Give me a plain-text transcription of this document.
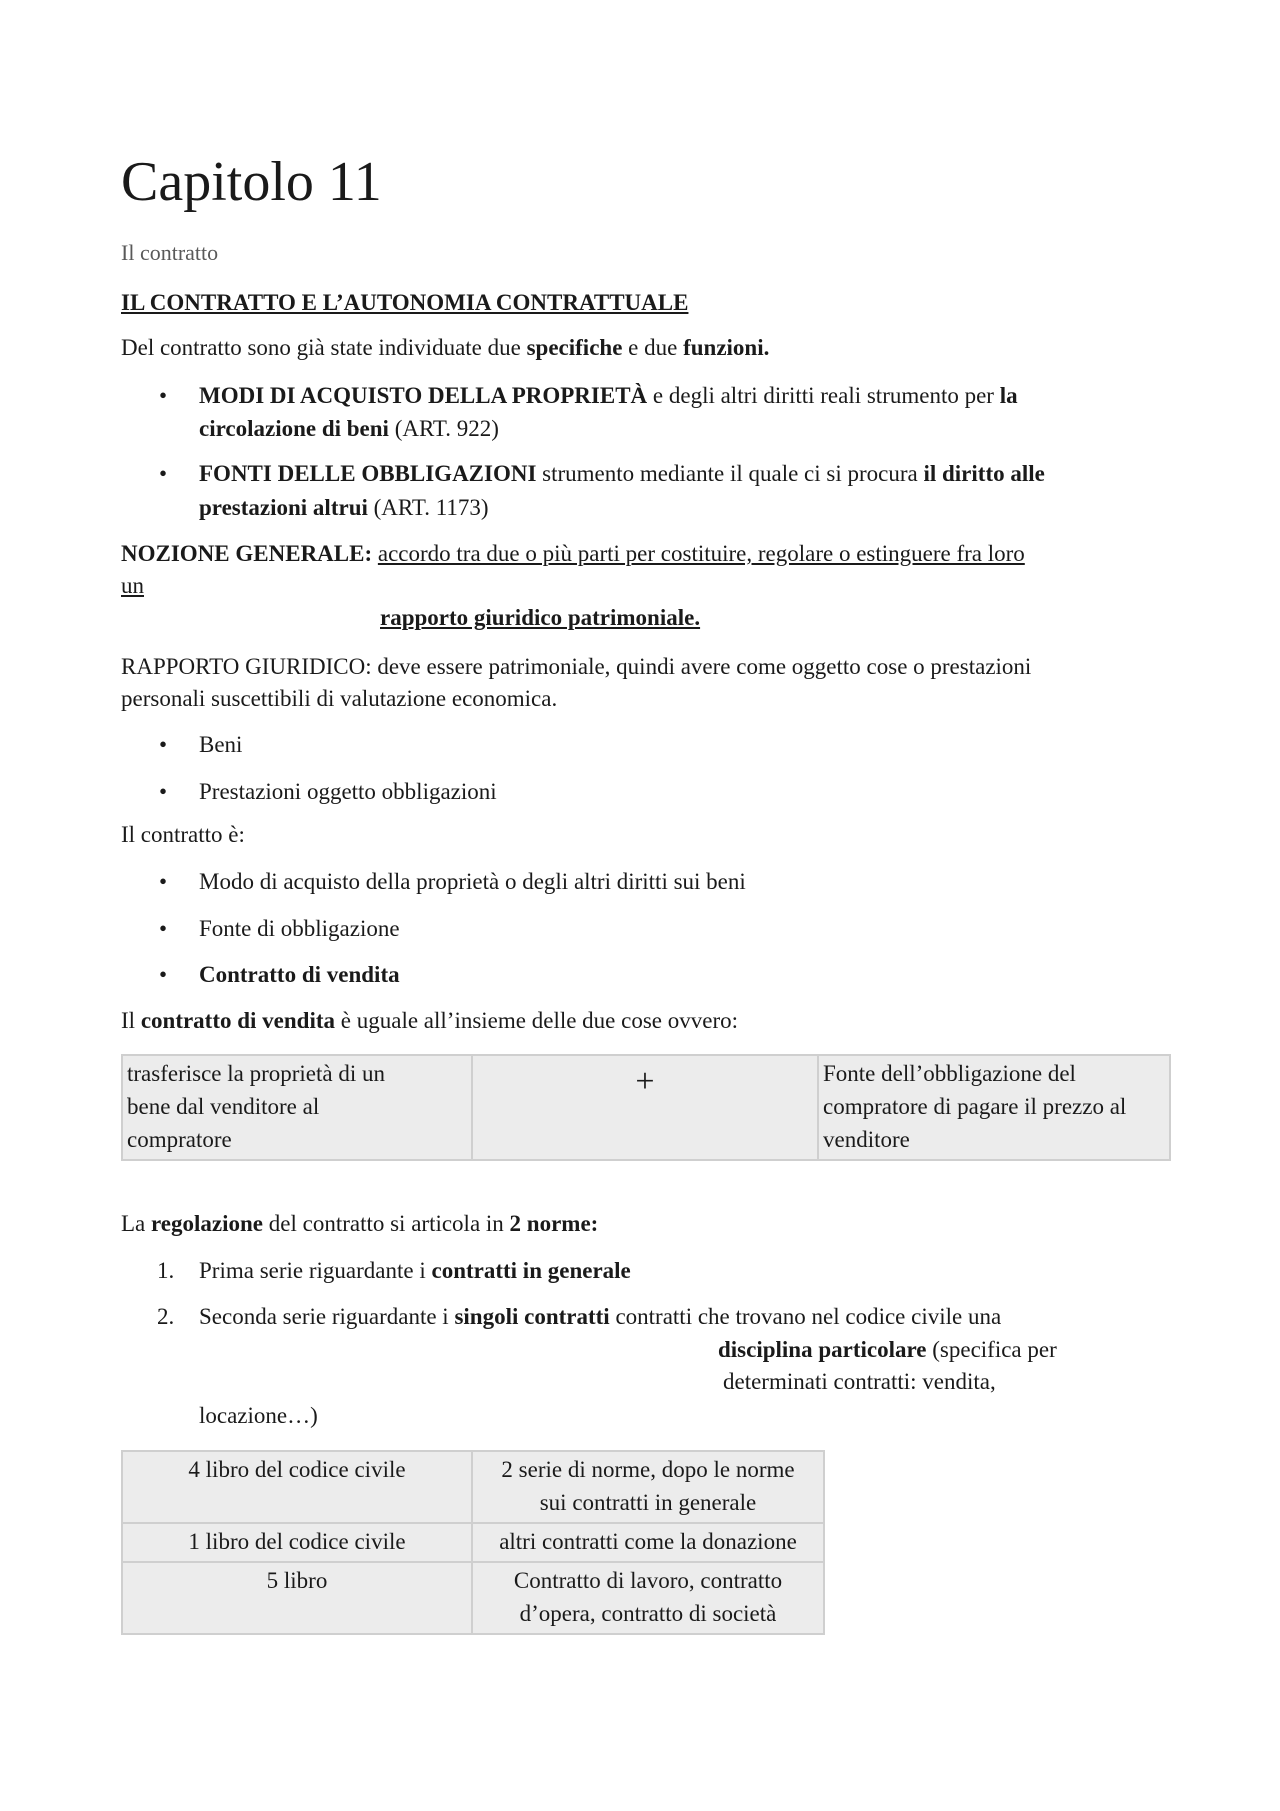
Capitolo 11
Il contratto
IL CONTRATTO E L’AUTONOMIA CONTRATTUALE
Del contratto sono già state individuate due specifiche e due funzioni.
• MODI DI ACQUISTO DELLA PROPRIETÀ e degli altri diritti reali strumento per la
circolazione di beni (ART. 922)
• FONTI DELLE OBBLIGAZIONI strumento mediante il quale ci si procura il diritto alle
prestazioni altrui (ART. 1173)
NOZIONE GENERALE: accordo tra due o più parti per costituire, regolare o estinguere fra loro
un
rapporto giuridico patrimoniale.
RAPPORTO GIURIDICO: deve essere patrimoniale, quindi avere come oggetto cose o prestazioni
personali suscettibili di valutazione economica.
• Beni
• Prestazioni oggetto obbligazioni
Il contratto è:
• Modo di acquisto della proprietà o degli altri diritti sui beni
• Fonte di obbligazione
• Contratto di vendita
Il contratto di vendita è uguale all’insieme delle due cose ovvero:
trasferisce la proprietà di un
bene dal venditore al
compratore
	+	Fonte dell’obbligazione del
compratore di pagare il prezzo al
venditore
La regolazione del contratto si articola in 2 norme:
1. Prima serie riguardante i contratti in generale
2. Seconda serie riguardante i singoli contratti contratti che trovano nel codice civile una
disciplina particolare (specifica per
determinati contratti: vendita,
locazione…)
4 libro del codice civile	2 serie di norme, dopo le norme
sui contratti in generale

1 libro del codice civile	altri contratti come la donazione

5 libro	Contratto di lavoro, contratto
d’opera, contratto di società
